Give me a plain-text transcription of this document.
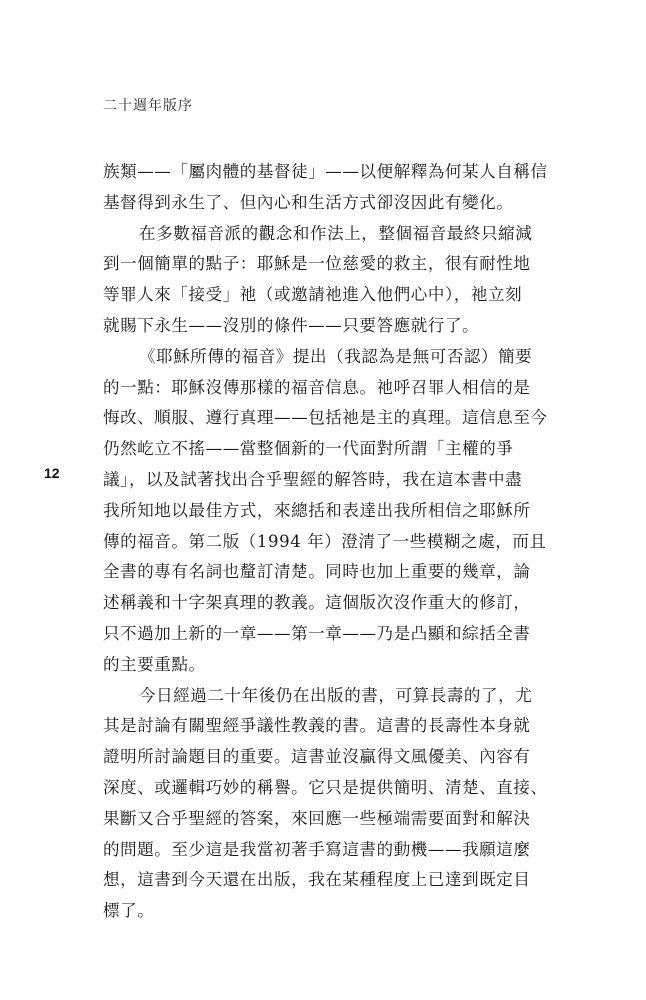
二十週年版序
12
族類——「屬肉體的基督徒」——以便解釋為何某人自稱信
基督得到永生了、但內心和生活方式卻沒因此有變化。
在多數福音派的觀念和作法上，整個福音最終只縮減
到一個簡單的點子：耶穌是一位慈愛的救主，很有耐性地
等罪人來「接受」祂（或邀請祂進入他們心中），祂立刻
就賜下永生——沒別的條件——只要答應就行了。
《耶穌所傳的福音》提出（我認為是無可否認）簡要
的一點：耶穌沒傳那樣的福音信息。祂呼召罪人相信的是
悔改、順服、遵行真理——包括祂是主的真理。這信息至今
仍然屹立不搖——當整個新的一代面對所謂「主權的爭
議」，以及試著找出合乎聖經的解答時，我在這本書中盡
我所知地以最佳方式，來總括和表達出我所相信之耶穌所
傳的福音。第二版（1994 年）澄清了一些模糊之處，而且
全書的專有名詞也釐訂清楚。同時也加上重要的幾章，論
述稱義和十字架真理的教義。這個版次沒作重大的修訂，
只不過加上新的一章——第一章——乃是凸顯和綜括全書
的主要重點。
今日經過二十年後仍在出版的書，可算長壽的了，尤
其是討論有關聖經爭議性教義的書。這書的長壽性本身就
證明所討論題目的重要。這書並沒贏得文風優美、內容有
深度、或邏輯巧妙的稱譽。它只是提供簡明、清楚、直接、
果斷又合乎聖經的答案，來回應一些極端需要面對和解決
的問題。至少這是我當初著手寫這書的動機——我願這麼
想，這書到今天還在出版，我在某種程度上已達到既定目
標了。
